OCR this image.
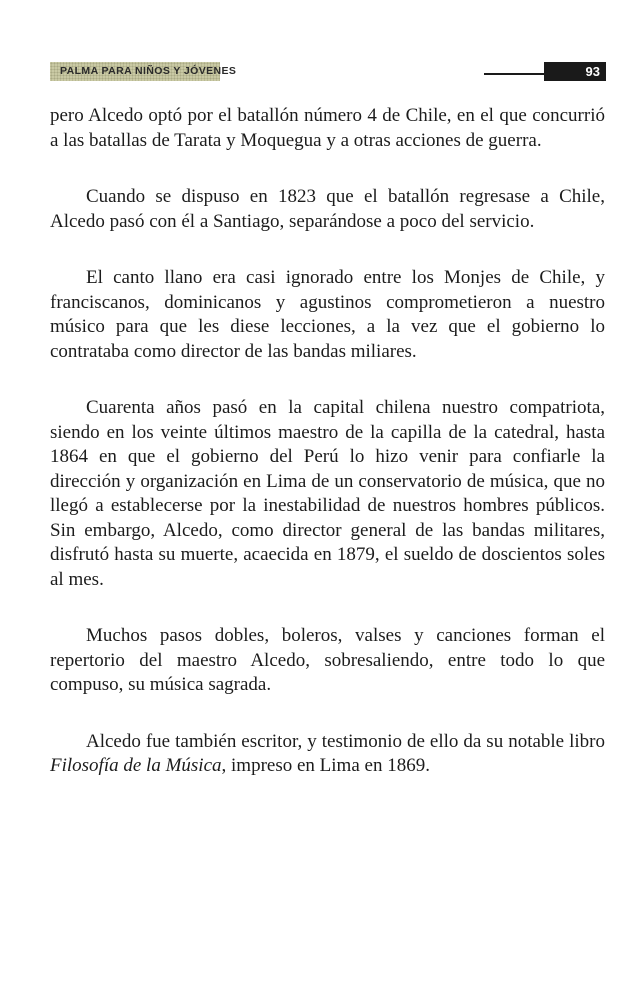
PALMA PARA NIÑOS Y JÓVENES	93

pero Alcedo optó por el batallón número 4 de Chile, en el que concurrió a las batallas de Tarata y Moquegua y a otras acciones de guerra.

Cuando se dispuso en 1823 que el batallón regresase a Chile, Alcedo pasó con él a Santiago, separándose a poco del servicio.

El canto llano era casi ignorado entre los Monjes de Chile, y franciscanos, dominicanos y agustinos comprometieron a nuestro músico para que les diese lecciones, a la vez que el gobierno lo contrataba como director de las bandas miliares.

Cuarenta años pasó en la capital chilena nuestro compatriota, siendo en los veinte últimos maestro de la capilla de la catedral, hasta 1864 en que el gobierno del Perú lo hizo venir para confiarle la dirección y organización en Lima de un conservatorio de música, que no llegó a establecerse por la inestabilidad de nuestros hombres públicos. Sin embargo, Alcedo, como director general de las bandas militares, disfrutó hasta su muerte, acaecida en 1879, el sueldo de doscientos soles al mes.

Muchos pasos dobles, boleros, valses y canciones forman el repertorio del maestro Alcedo, sobresaliendo, entre todo lo que compuso, su música sagrada.

Alcedo fue también escritor, y testimonio de ello da su notable libro Filosofía de la Música, impreso en Lima en 1869.
